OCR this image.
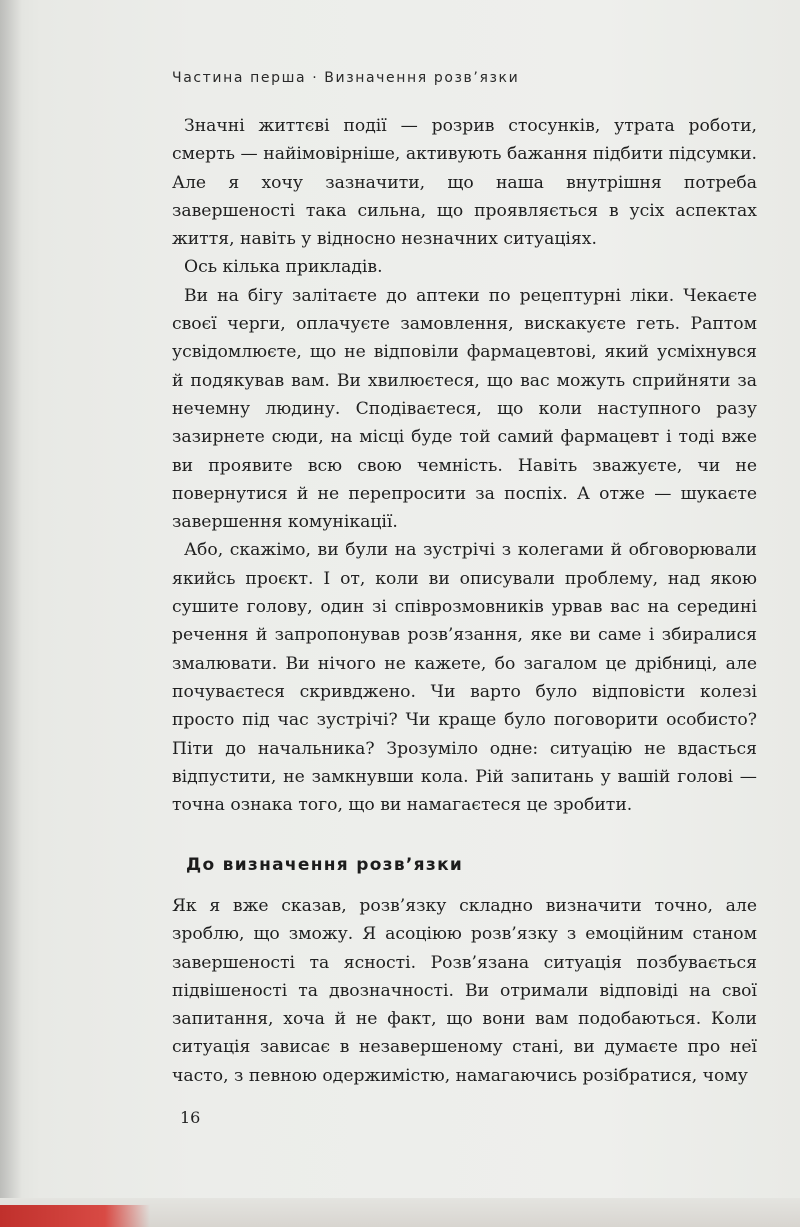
Частина перша · Визначення розв’язки

Значні життєві події — розрив стосунків, утрата роботи, смерть — найімовірніше, активують бажання підбити підсумки. Але я хочу зазначити, що наша внутрішня потреба завершеності така сильна, що проявляється в усіх аспектах життя, навіть у відносно незначних ситуаціях.

Ось кілька прикладів.

Ви на бігу залітаєте до аптеки по рецептурні ліки. Чекаєте своєї черги, оплачуєте замовлення, вискакуєте геть. Раптом усвідомлюєте, що не відповіли фармацевтові, який усміхнувся й подякував вам. Ви хвилюєтеся, що вас можуть сприйняти за нечемну людину. Сподіваєтеся, що коли наступного разу зазирнете сюди, на місці буде той самий фармацевт і тоді вже ви проявите всю свою чемність. Навіть зважуєте, чи не повернутися й не перепросити за поспіх. А отже — шукаєте завершення комунікації.

Або, скажімо, ви були на зустрічі з колегами й обговорювали якийсь проєкт. І от, коли ви описували проблему, над якою сушите голову, один зі співрозмовників урвав вас на середині речення й запропонував розв’язання, яке ви саме і збиралися змалювати. Ви нічого не кажете, бо загалом це дрібниці, але почуваєтеся скривджено. Чи варто було відповісти колезі просто під час зустрічі? Чи краще було поговорити особисто? Піти до начальника? Зрозуміло одне: ситуацію не вдасться відпустити, не замкнувши кола. Рій запитань у вашій голові — точна ознака того, що ви намагаєтеся це зробити.

До визначення розв’язки

Як я вже сказав, розв’язку складно визначити точно, але зроблю, що зможу. Я асоціюю розв’язку з емоційним станом завершеності та ясності. Розв’язана ситуація позбувається підвішеності та двозначності. Ви отримали відповіді на свої запитання, хоча й не факт, що вони вам подобаються. Коли ситуація зависає в незавершеному стані, ви думаєте про неї часто, з певною одержимістю, намагаючись розібратися, чому

16
